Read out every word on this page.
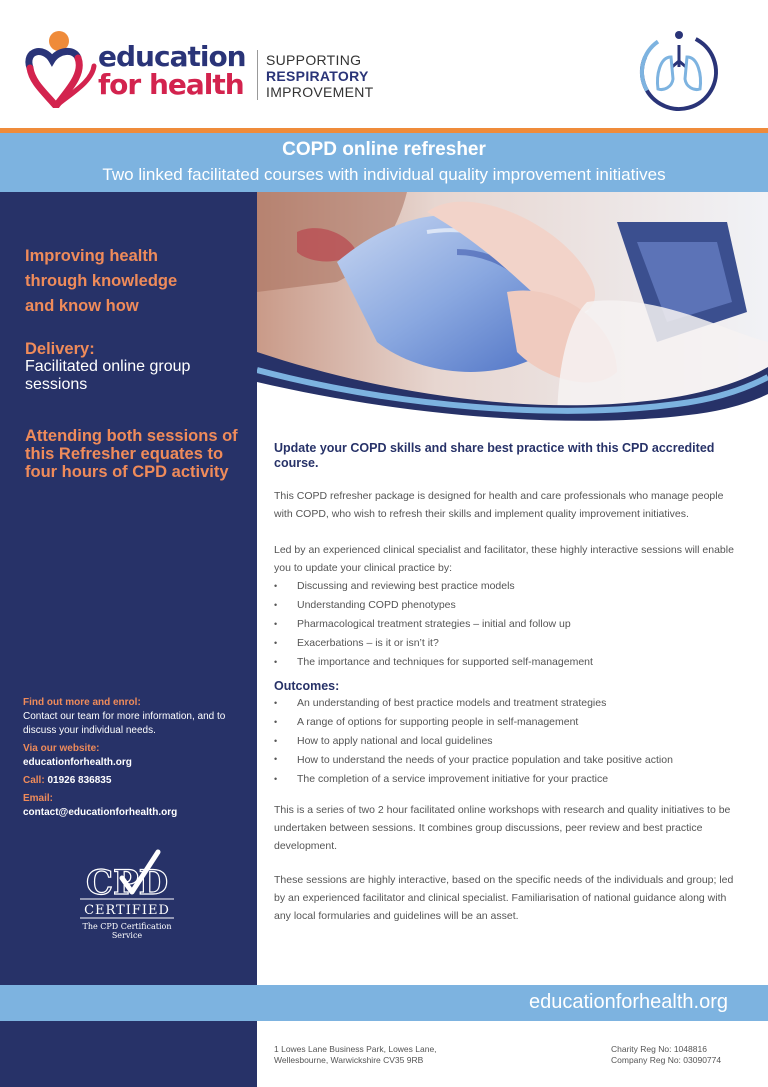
education
for health
SUPPORTING
RESPIRATORY
IMPROVEMENT
COPD online refresher
Two linked facilitated courses with individual quality improvement initiatives
Improving health
through knowledge
and know how
Delivery:
Facilitated online group sessions
Attending both sessions of this Refresher equates to four hours of CPD activity
Find out more and enrol:
Contact our team for more information, and to discuss your individual needs.
Via our website:
educationforhealth.org
Call: 01926 836835
Email:
contact@educationforhealth.org
CPD
CERTIFIED
The CPD Certification
Service
Update your COPD skills and share best practice with this CPD accredited course.
This COPD refresher package is designed for health and care professionals who manage people with COPD, who wish to refresh their skills and implement quality improvement initiatives.
Led by an experienced clinical specialist and facilitator, these highly interactive sessions will enable you to update your clinical practice by:
• Discussing and reviewing best practice models
• Understanding COPD phenotypes
• Pharmacological treatment strategies – initial and follow up
• Exacerbations – is it or isn’t it?
• The importance and techniques for supported self-management
Outcomes:
• An understanding of best practice models and treatment strategies
• A range of options for supporting people in self-management
• How to apply national and local guidelines
• How to understand the needs of your practice population and take positive action
• The completion of a service improvement initiative for your practice
This is a series of two 2 hour facilitated online workshops with research and quality initiatives to be undertaken between sessions. It combines group discussions, peer review and best practice development.
These sessions are highly interactive, based on the specific needs of the individuals and group; led by an experienced facilitator and clinical specialist. Familiarisation of national guidance along with any local formularies and guidelines will be an asset.
educationforhealth.org
1 Lowes Lane Business Park, Lowes Lane,
Wellesbourne, Warwickshire CV35 9RB
Charity Reg No: 1048816
Company Reg No: 03090774
